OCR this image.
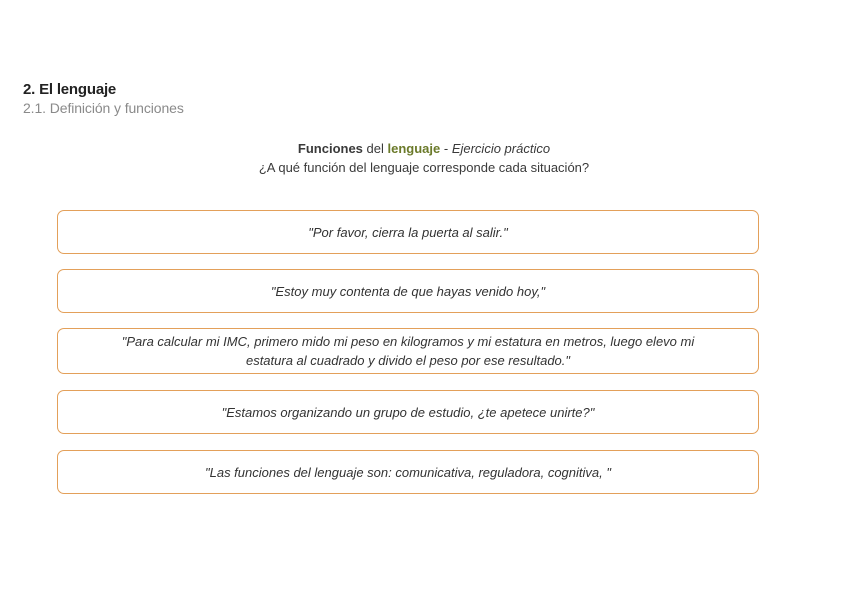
2. El lenguaje
2.1. Definición y funciones
Funciones del lenguaje - Ejercicio práctico
¿A qué función del lenguaje corresponde cada situación?
"Por favor, cierra la puerta al salir."
"Estoy muy contenta de que hayas venido hoy,"
"Para calcular mi IMC, primero mido mi peso en kilogramos y mi estatura en metros, luego elevo mi estatura al cuadrado y divido el peso por ese resultado."
"Estamos organizando un grupo de estudio, ¿te apetece unirte?"
"Las funciones del lenguaje son: comunicativa, reguladora, cognitiva, "
